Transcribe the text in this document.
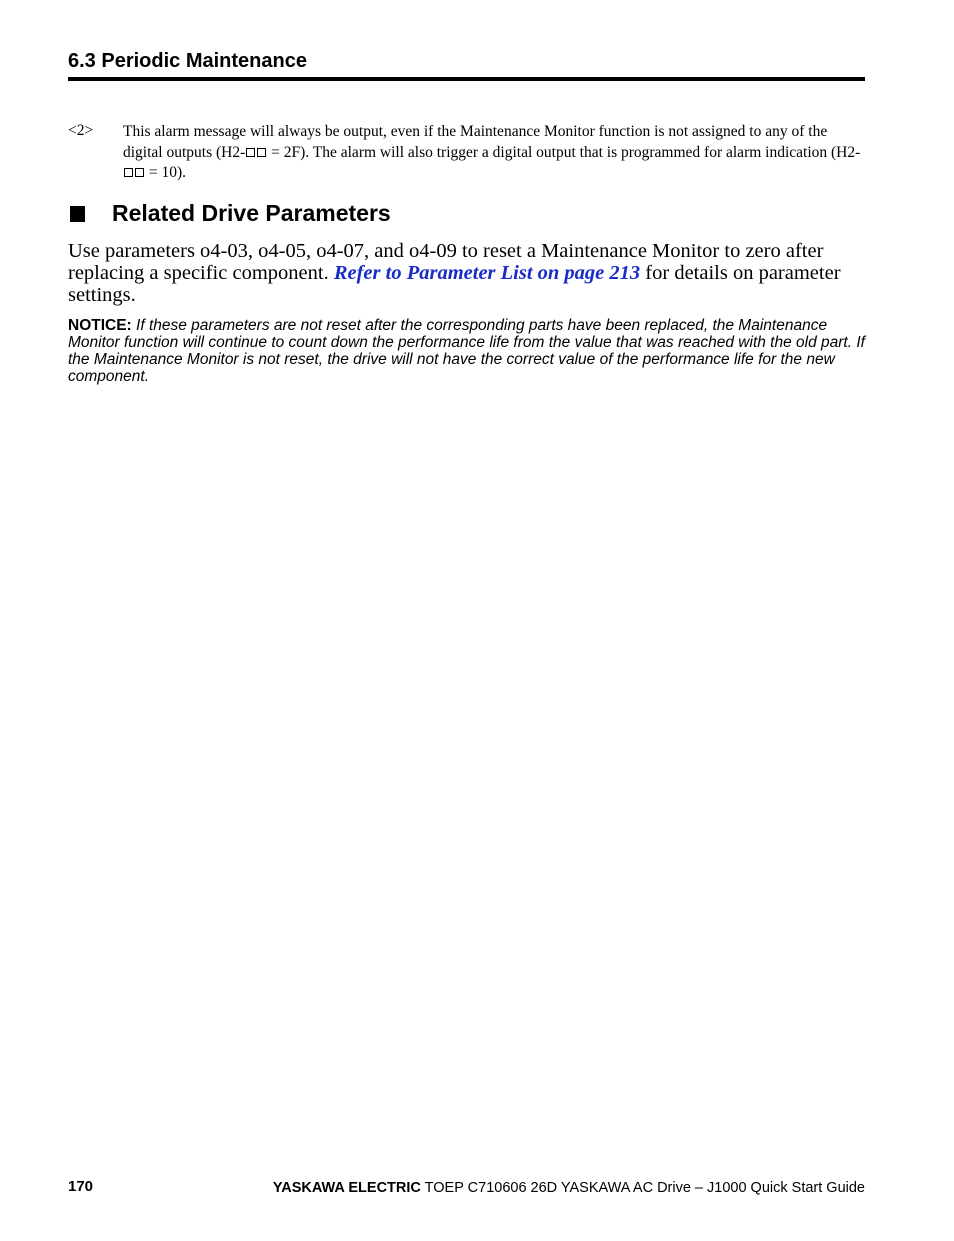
6.3 Periodic Maintenance
<2> This alarm message will always be output, even if the Maintenance Monitor function is not assigned to any of the digital outputs (H2- = 2F). The alarm will also trigger a digital output that is programmed for alarm indication (H2- = 10).
Related Drive Parameters
Use parameters o4-03, o4-05, o4-07, and o4-09 to reset a Maintenance Monitor to zero after replacing a specific component. Refer to Parameter List on page 213 for details on parameter settings.
NOTICE: If these parameters are not reset after the corresponding parts have been replaced, the Maintenance Monitor function will continue to count down the performance life from the value that was reached with the old part. If the Maintenance Monitor is not reset, the drive will not have the correct value of the performance life for the new component.
170	YASKAWA ELECTRIC TOEP C710606 26D YASKAWA AC Drive – J1000 Quick Start Guide
